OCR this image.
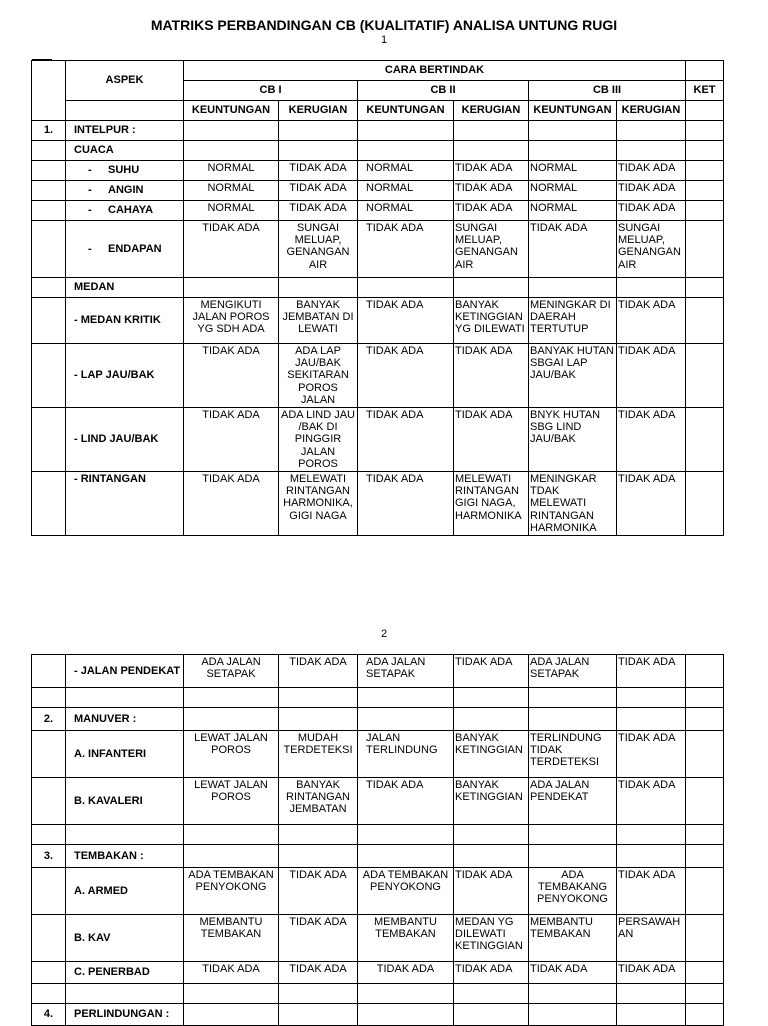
MATRIKS PERBANDINGAN CB (KUALITATIF) ANALISA UNTUNG RUGI
1
	ASPEK	CARA BERTINDAK						
		CB I		CB II		CB III		KET
		KEUNTUNGAN	KERUGIAN	KEUNTUNGAN	KERUGIAN	KEUNTUNGAN	KERUGIAN	
1.	INTELPUR :							
	CUACA							
	- SUHU	NORMAL	TIDAK ADA	NORMAL	TIDAK ADA	NORMAL	TIDAK ADA	
	- ANGIN	NORMAL	TIDAK ADA	NORMAL	TIDAK ADA	NORMAL	TIDAK ADA	
	- CAHAYA	NORMAL	TIDAK ADA	NORMAL	TIDAK ADA	NORMAL	TIDAK ADA	
	- ENDAPAN	TIDAK ADA	SUNGAI MELUAP, GENANGAN AIR	TIDAK ADA	SUNGAI MELUAP, GENANGAN AIR	TIDAK ADA	SUNGAI MELUAP, GENANGAN AIR	
	MEDAN							
	- MEDAN KRITIK	MENGIKUTI JALAN POROS YG SDH ADA	BANYAK JEMBATAN DI LEWATI	TIDAK ADA	BANYAK KETINGGIAN YG DILEWATI	MENINGKAR DI DAERAH TERTUTUP	TIDAK ADA	
	- LAP JAU/BAK	TIDAK ADA	ADA LAP JAU/BAK SEKITARAN POROS JALAN	TIDAK ADA	TIDAK ADA	BANYAK HUTAN SBGAI LAP JAU/BAK	TIDAK ADA	
	- LIND JAU/BAK	TIDAK ADA	ADA LIND JAU /BAK DI PINGGIR JALAN POROS	TIDAK ADA	TIDAK ADA	BNYK HUTAN SBG LIND JAU/BAK	TIDAK ADA	
	- RINTANGAN	TIDAK ADA	MELEWATI RINTANGAN HARMONIKA, GIGI NAGA	TIDAK ADA	MELEWATI RINTANGAN GIGI NAGA, HARMONIKA	MENINGKAR TDAK MELEWATI RINTANGAN HARMONIKA	TIDAK ADA	
2
	- JALAN PENDEKAT	ADA JALAN SETAPAK	TIDAK ADA	ADA JALAN SETAPAK	TIDAK ADA	ADA JALAN SETAPAK	TIDAK ADA	

2.	MANUVER :							
	A. INFANTERI	LEWAT JALAN POROS	MUDAH TERDETEKSI	JALAN TERLINDUNG	BANYAK KETINGGIAN	TERLINDUNG TIDAK TERDETEKSI	TIDAK ADA	
	B. KAVALERI	LEWAT JALAN POROS	BANYAK RINTANGAN JEMBATAN	TIDAK ADA	BANYAK KETINGGIAN	ADA JALAN PENDEKAT	TIDAK ADA	

3.	TEMBAKAN :							
	A. ARMED	ADA TEMBAKAN PENYOKONG	TIDAK ADA	ADA TEMBAKAN PENYOKONG	TIDAK ADA	ADA TEMBAKANG PENYOKONG	TIDAK ADA	
	B. KAV	MEMBANTU TEMBAKAN	TIDAK ADA	MEMBANTU TEMBAKAN	MEDAN YG DILEWATI KETINGGIAN	MEMBANTU TEMBAKAN	PERSAWAH AN	
	C. PENERBAD	TIDAK ADA	TIDAK ADA	TIDAK ADA	TIDAK ADA	TIDAK ADA	TIDAK ADA	

4.	PERLINDUNGAN :							
